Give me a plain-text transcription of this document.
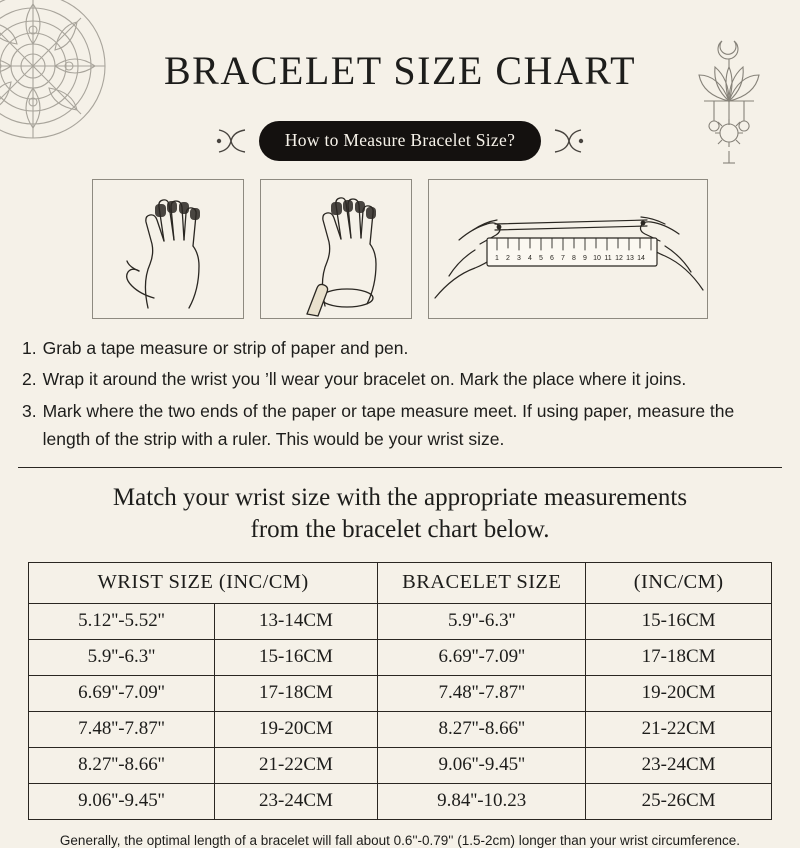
BRACELET SIZE CHART
How to Measure Bracelet Size?
1 2 3 4 5 6 7 8 9 10 11 12 13 14
1. Grab a tape measure or strip of paper and pen.
2. Wrap it around the wrist you ’ll wear your bracelet on. Mark the place where it joins.
3. Mark where the two ends of the paper or tape measure meet. If using paper, measure the length of the strip with a ruler. This would be your wrist size.
Match your wrist size with the appropriate measurements
from the bracelet chart below.
WRIST SIZE (INC/CM)		BRACELET SIZE	(INC/CM)
5.12''-5.52''	13-14CM	5.9''-6.3''	15-16CM
5.9''-6.3''	15-16CM	6.69''-7.09''	17-18CM
6.69''-7.09''	17-18CM	7.48''-7.87''	19-20CM
7.48''-7.87''	19-20CM	8.27''-8.66''	21-22CM
8.27''-8.66''	21-22CM	9.06''-9.45''	23-24CM
9.06''-9.45''	23-24CM	9.84''-10.23	25-26CM
Generally, the optimal length of a bracelet will fall about 0.6''-0.79'' (1.5-2cm) longer than your wrist circumference.
